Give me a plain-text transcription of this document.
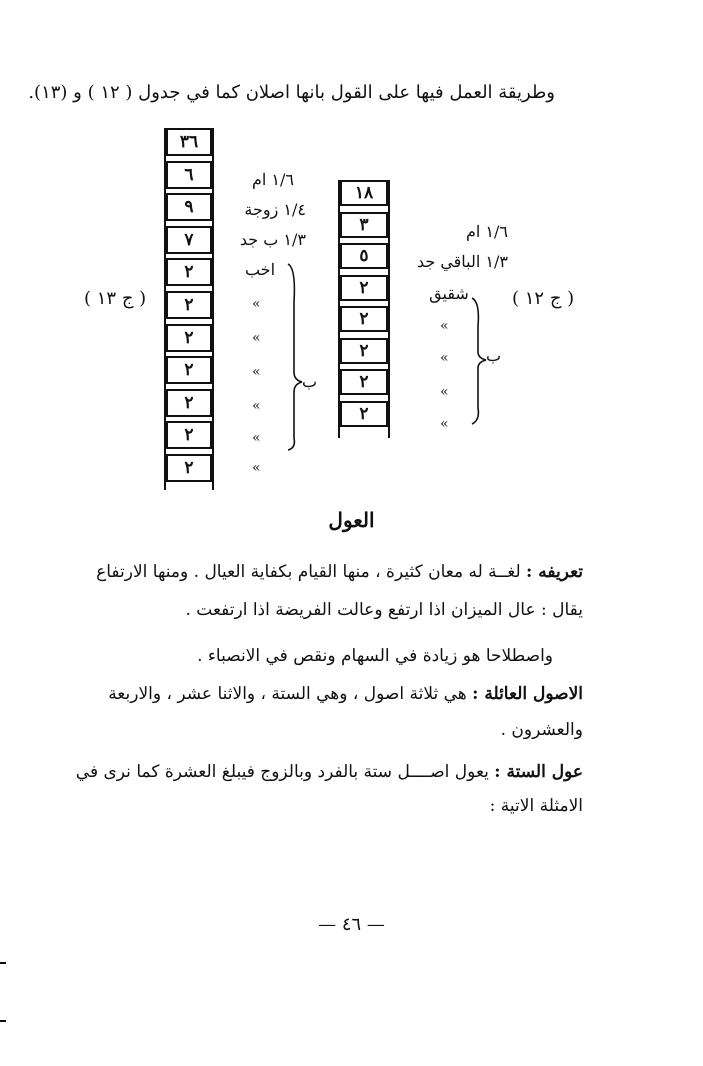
وطريقة العمل فيها على القول بانها اصلان كما في جدول ( ١٢ ) و (١٣).
( ج ١٣ )
٣٦
٦
٩
٧
٢
٢
٢
٢
٢
٢
٢
١/٦ ام
١/٤ زوجة
١/٣ ب جد
اخب
«
«
«
«
«
«
ب
١٨
٣
٥
٢
٢
٢
٢
٢
١/٦ ام
١/٣ الباقي جد
شقيق
«
«
«
«
ب
( ج ١٢ )
العول
تعريفه : لغــة له معان كثيرة ، منها القيام بكفاية العيال . ومنها الارتفاع
يقال : عال الميزان اذا ارتفع وعالت الفريضة اذا ارتفعت .
واصطلاحا هو زيادة في السهام ونقص في الانصباء .
الاصول العائلة : هي ثلاثة اصول ، وهي الستة ، والاثنا عشر ، والاربعة
والعشرون .
عول الستة : يعول اصــــل ستة بالفرد وبالزوج فيبلغ العشرة كما نرى في
الامثلة الاتية :
— ٤٦ —
